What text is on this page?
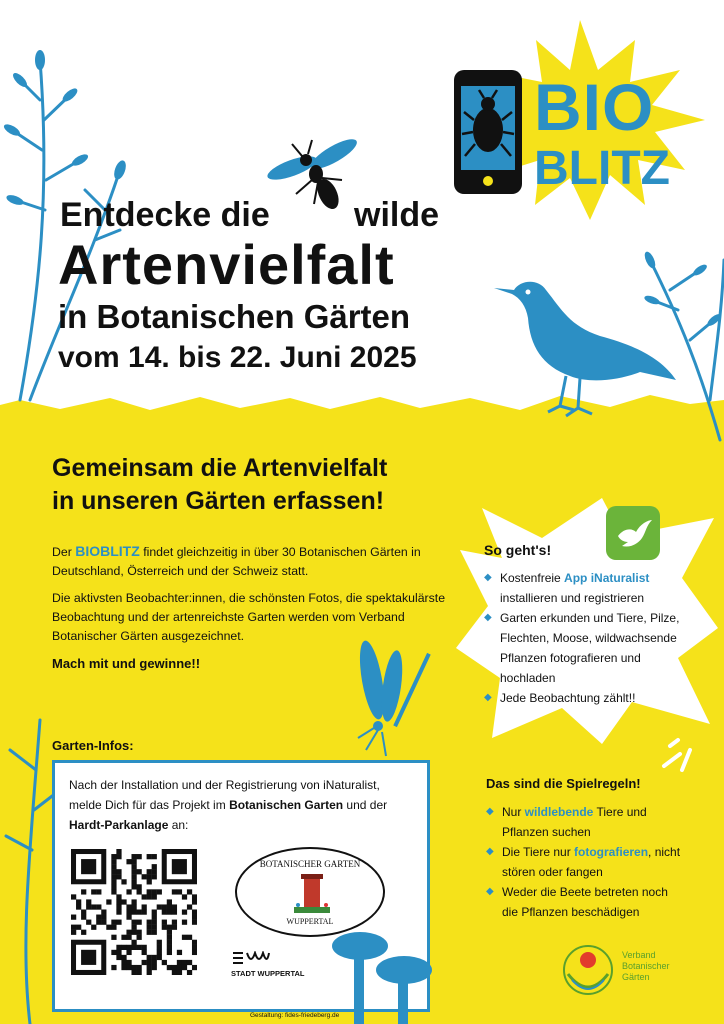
BIO
BLITZ
Entdecke die wilde
Artenvielfalt
in Botanischen Gärten
vom 14. bis 22. Juni 2025
Gemeinsam die Artenvielfalt
in unseren Gärten erfassen!
Der BIOBLITZ findet gleichzeitig in über 30 Botanischen Gärten in Deutschland, Österreich und der Schweiz statt.
Die aktivsten Beobachter:innen, die schönsten Fotos, die spektakulärste Beobachtung und der artenreichste Garten werden vom Verband Botanischer Gärten ausgezeichnet.
Mach mit und gewinne!!
So geht's!
◆ Kostenfreie App iNaturalist installieren und registrieren
◆ Garten erkunden und Tiere, Pilze, Flechten, Moose, wildwachsende Pflanzen fotografieren und hochladen
◆ Jede Beobachtung zählt!!
Das sind die Spielregeln!
◆ Nur wildlebende Tiere und Pflanzen suchen
◆ Die Tiere nur fotografieren, nicht stören oder fangen
◆ Weder die Beete betreten noch die Pflanzen beschädigen
Garten-Infos:
Nach der Installation und der Registrierung von iNaturalist, melde Dich für das Projekt im Botanischen Garten und der Hardt-Parkanlage an:
BOTANISCHER GARTEN
WUPPERTAL
STADT WUPPERTAL
Gestaltung: fides-friedeberg.de
Verband
Botanischer
Gärten
